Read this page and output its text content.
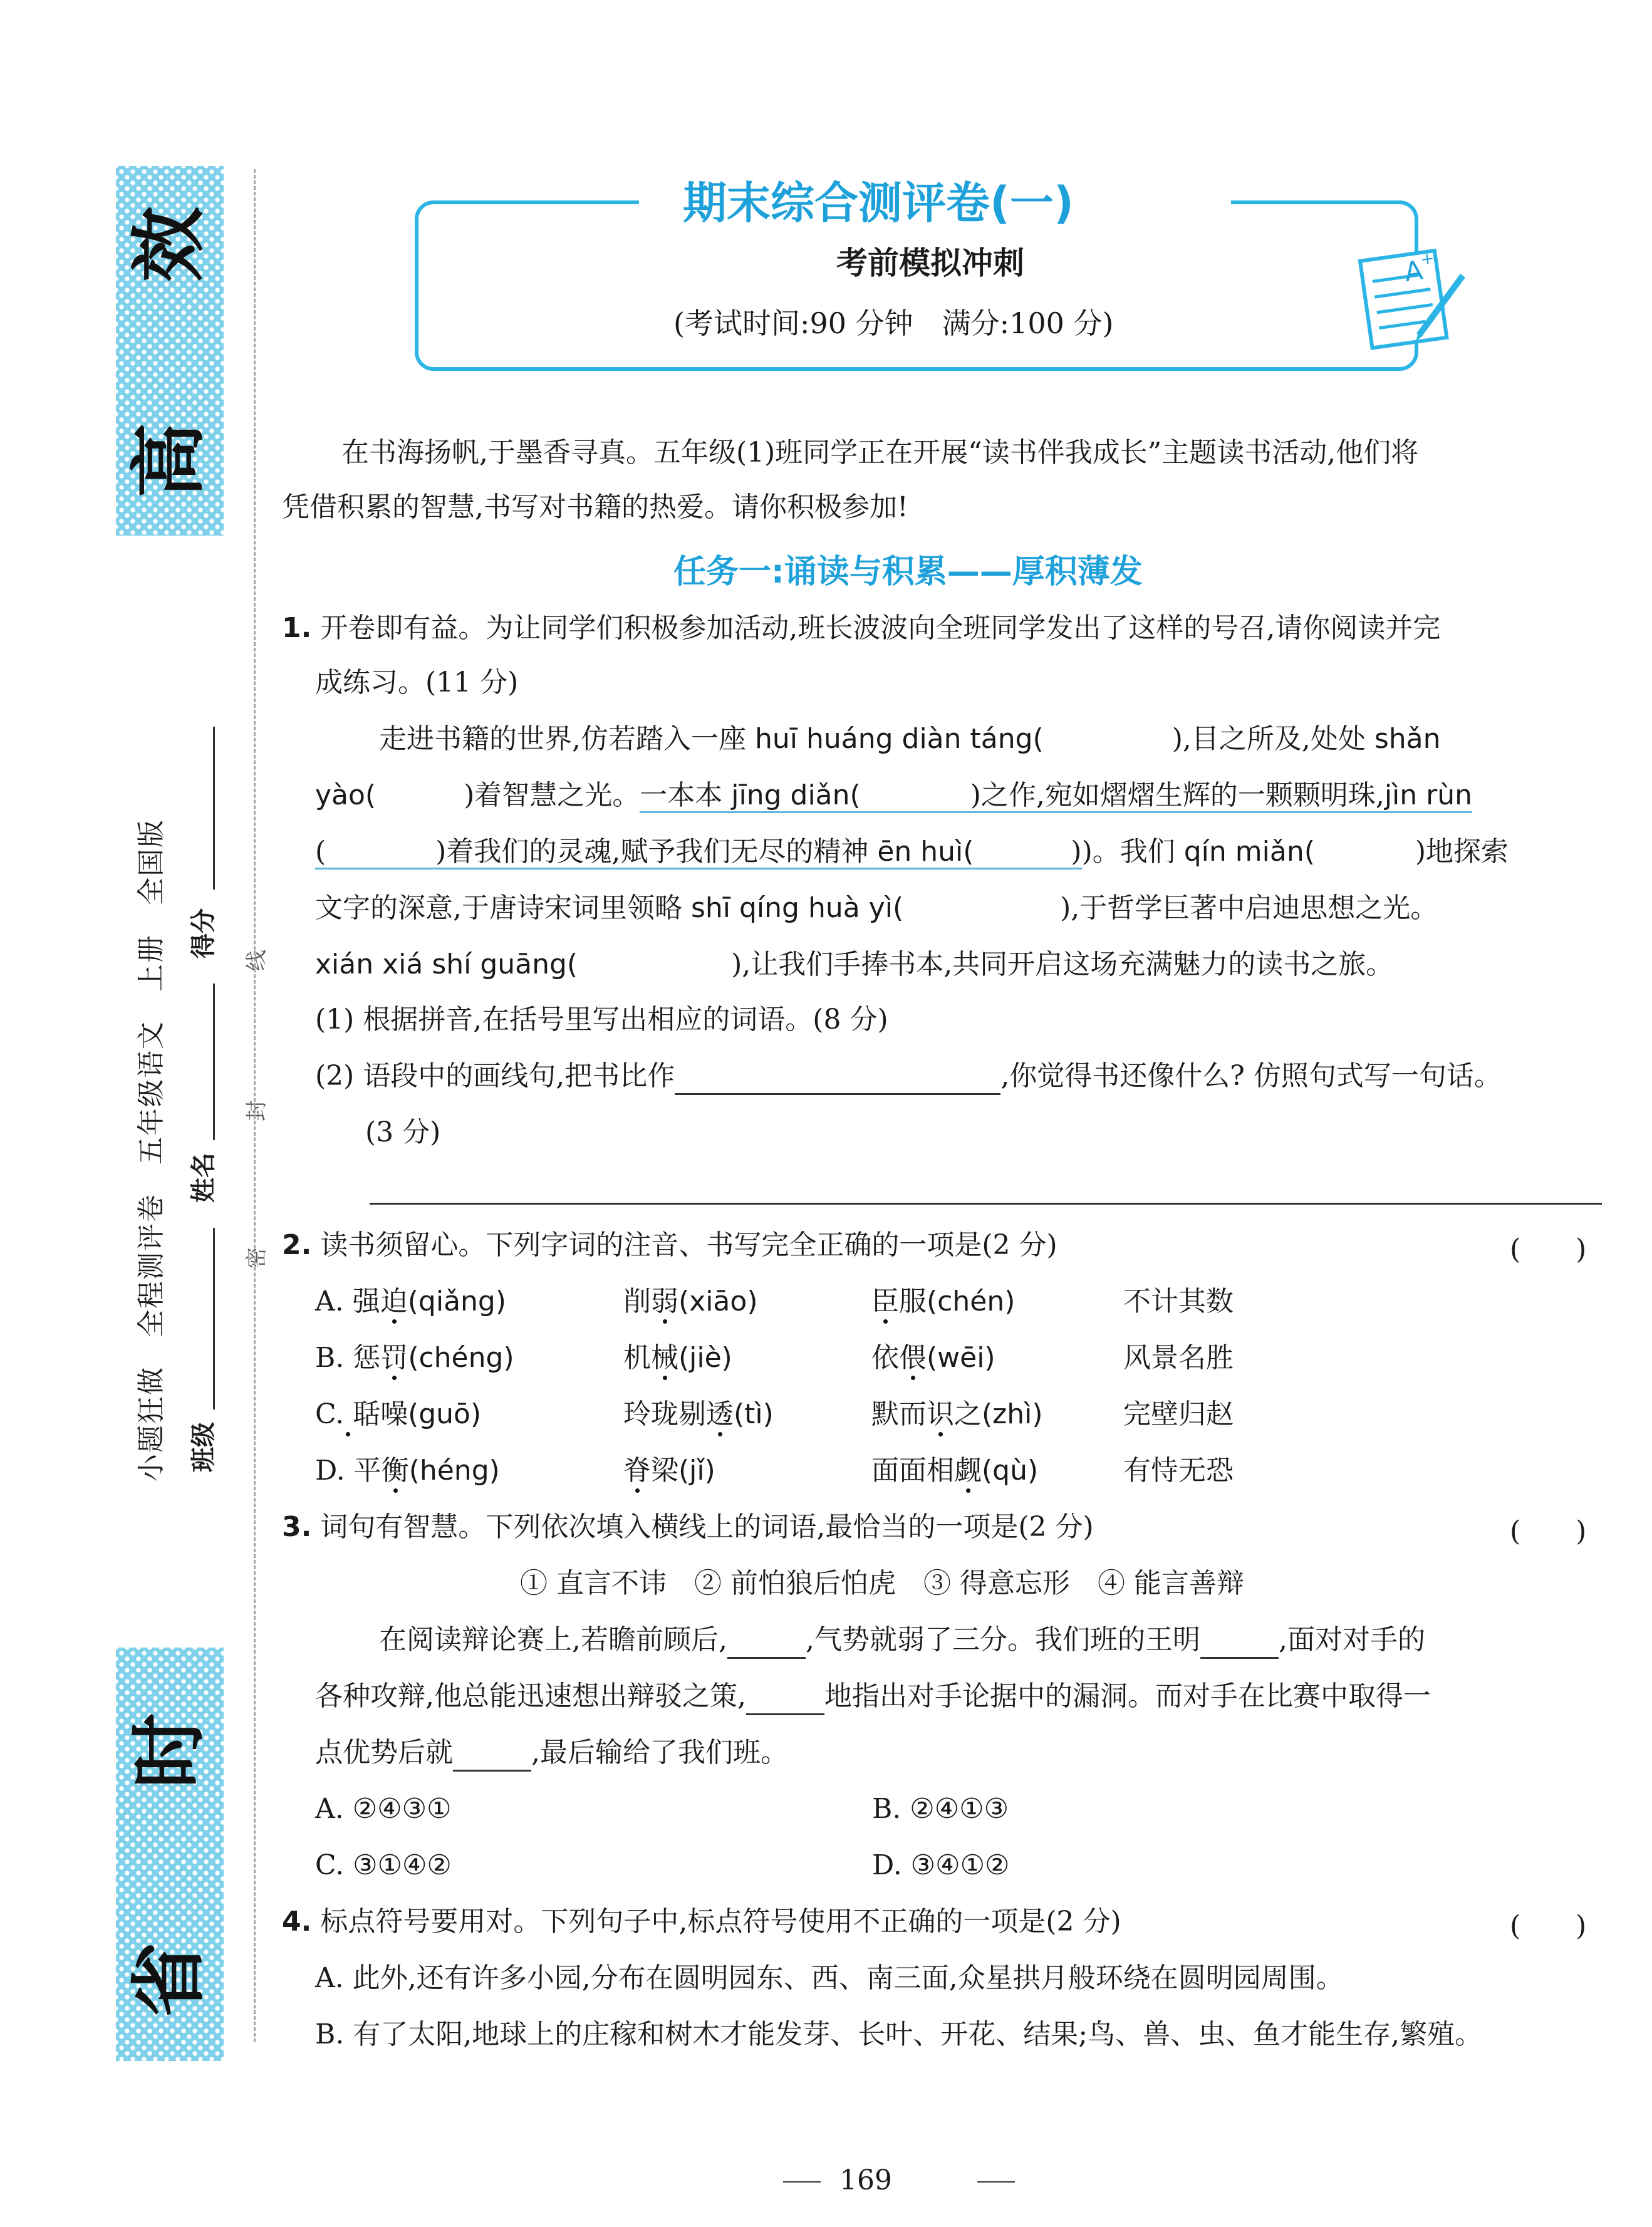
高
效
省
时
小题狂做　全程测评卷　五年级语文　上册　全国版 班级
姓名
得分
线
封
密
期末综合测评卷(一)
考前模拟冲刺
(考试时间:90 分钟　满分:100 分)
A
+
在书海扬帆,于墨香寻真。五年级(1)班同学正在开展“读书伴我成长”主题读书活动,他们将
凭借积累的智慧,书写对书籍的热爱。请你积极参加!
任务一:诵读与积累——厚积薄发
1. 开卷即有益。为让同学们积极参加活动,班长波波向全班同学发出了这样的号召,请你阅读并完
成练习。(11 分)
走进书籍的世界,仿若踏入一座 huī huáng diàn táng(	),目之所及,处处 shǎn
yào(	)着智慧之光。一本本 jīng diǎn(	)之作,宛如熠熠生辉的一颗颗明珠,jìn rùn
(	)着我们的灵魂,赋予我们无尽的精神 ēn huì(	))。我们 qín miǎn(	)地探索
文字的深意,于唐诗宋词里领略 shī qíng huà yì(	),于哲学巨著中启迪思想之光。
xián xiá shí guāng(	),让我们手捧书本,共同开启这场充满魅力的读书之旅。
(1) 根据拼音,在括号里写出相应的词语。(8 分)
(2) 语段中的画线句,把书比作	,你觉得书还像什么? 仿照句式写一句话。
(3 分)
2. 读书须留心。下列字词的注音、书写完全正确的一项是(2 分)	(　　)
A. 强迫(qiǎng)	削弱(xiāo)	臣服(chén)	不计其数
B. 惩罚(chéng)	机械(jiè)	依偎(wēi)	风景名胜
C. 聒噪(guō)	玲珑剔透(tì)	默而识之(zhì)	完壁归赵
D. 平衡(héng)	脊梁(jǐ)	面面相觑(qù)	有恃无恐
3. 词句有智慧。下列依次填入横线上的词语,最恰当的一项是(2 分)	(　　)
① 直言不讳　② 前怕狼后怕虎　③ 得意忘形　④ 能言善辩
在阅读辩论赛上,若瞻前顾后,	,气势就弱了三分。我们班的王明	,面对对手的
各种攻辩,他总能迅速想出辩驳之策,	地指出对手论据中的漏洞。而对手在比赛中取得一
点优势后就	,最后输给了我们班。
A. ②④③①	B. ②④①③
C. ③①④②	D. ③④①②
4. 标点符号要用对。下列句子中,标点符号使用不正确的一项是(2 分)	(　　)
A. 此外,还有许多小园,分布在圆明园东、西、南三面,众星拱月般环绕在圆明园周围。
B. 有了太阳,地球上的庄稼和树木才能发芽、长叶、开花、结果;鸟、兽、虫、鱼才能生存,繁殖。
169
